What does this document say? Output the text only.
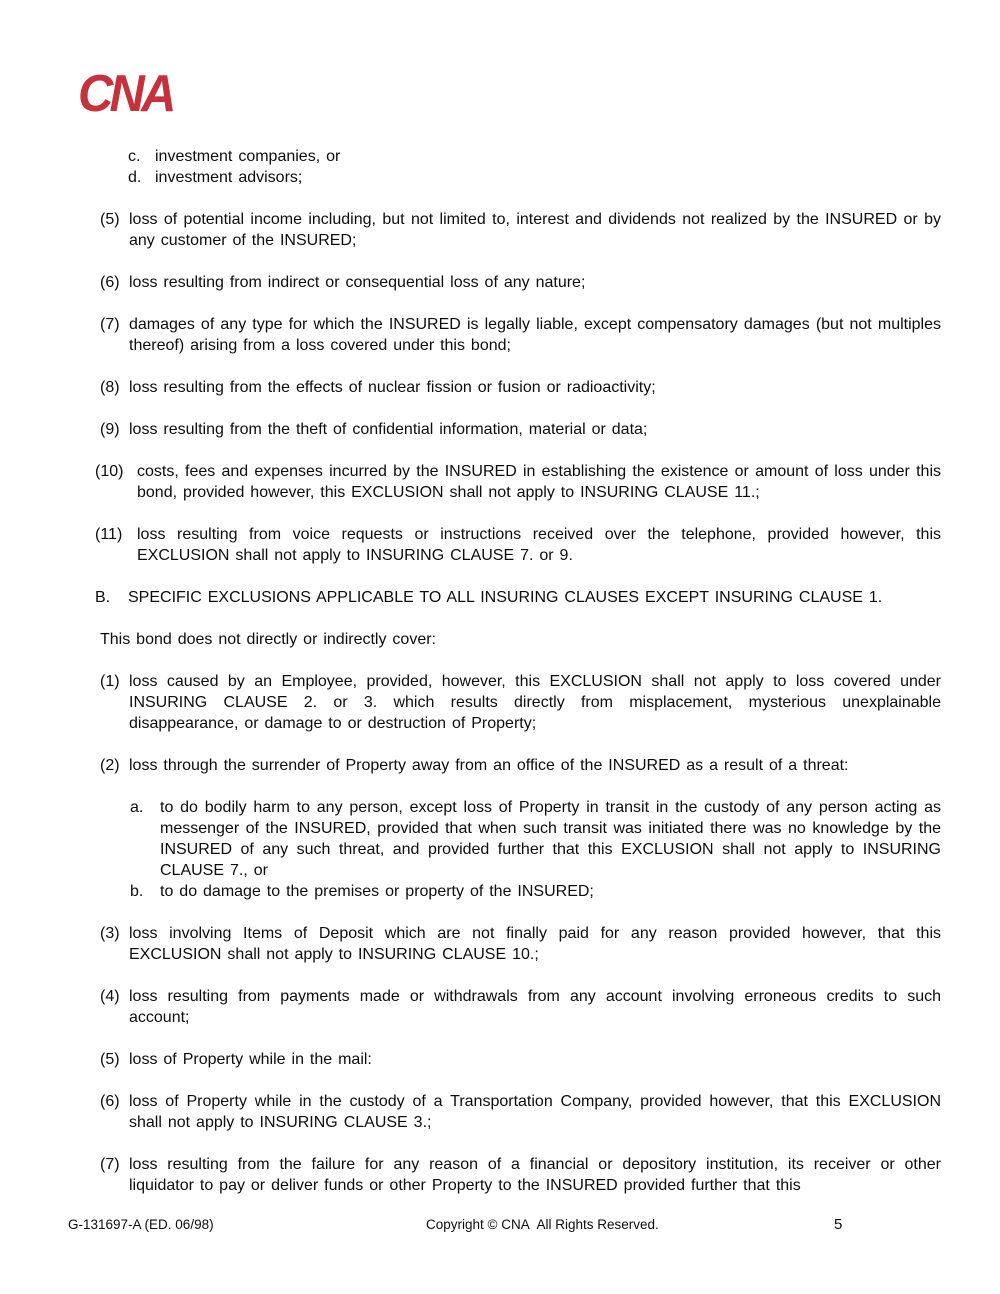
CNA
c. investment companies, or
d. investment advisors;
(5) loss of potential income including, but not limited to, interest and dividends not realized by the INSURED or by any customer of the INSURED;
(6) loss resulting from indirect or consequential loss of any nature;
(7) damages of any type for which the INSURED is legally liable, except compensatory damages (but not multiples thereof) arising from a loss covered under this bond;
(8) loss resulting from the effects of nuclear fission or fusion or radioactivity;
(9) loss resulting from the theft of confidential information, material or data;
(10) costs, fees and expenses incurred by the INSURED in establishing the existence or amount of loss under this bond, provided however, this EXCLUSION shall not apply to INSURING CLAUSE 11.;
(11) loss resulting from voice requests or instructions received over the telephone, provided however, this EXCLUSION shall not apply to INSURING CLAUSE 7. or 9.
B.	SPECIFIC EXCLUSIONS APPLICABLE TO ALL INSURING CLAUSES EXCEPT INSURING CLAUSE 1.
This bond does not directly or indirectly cover:
(1) loss caused by an Employee, provided, however, this EXCLUSION shall not apply to loss covered under INSURING CLAUSE 2. or 3. which results directly from misplacement, mysterious unexplainable disappearance, or damage to or destruction of Property;
(2) loss through the surrender of Property away from an office of the INSURED as a result of a threat:
a.	to do bodily harm to any person, except loss of Property in transit in the custody of any person acting as messenger of the INSURED, provided that when such transit was initiated there was no knowledge by the INSURED of any such threat, and provided further that this EXCLUSION shall not apply to INSURING CLAUSE 7., or
b.	to do damage to the premises or property of the INSURED;
(3) loss involving Items of Deposit which are not finally paid for any reason provided however, that this EXCLUSION shall not apply to INSURING CLAUSE 10.;
(4) loss resulting from payments made or withdrawals from any account involving erroneous credits to such account;
(5) loss of Property while in the mail:
(6) loss of Property while in the custody of a Transportation Company, provided however, that this EXCLUSION shall not apply to INSURING CLAUSE 3.;
(7) loss resulting from the failure for any reason of a financial or depository institution, its receiver or other liquidator to pay or deliver funds or other Property to the INSURED provided further that this
G-131697-A (ED. 06/98)	Copyright © CNA  All Rights Reserved.	5
